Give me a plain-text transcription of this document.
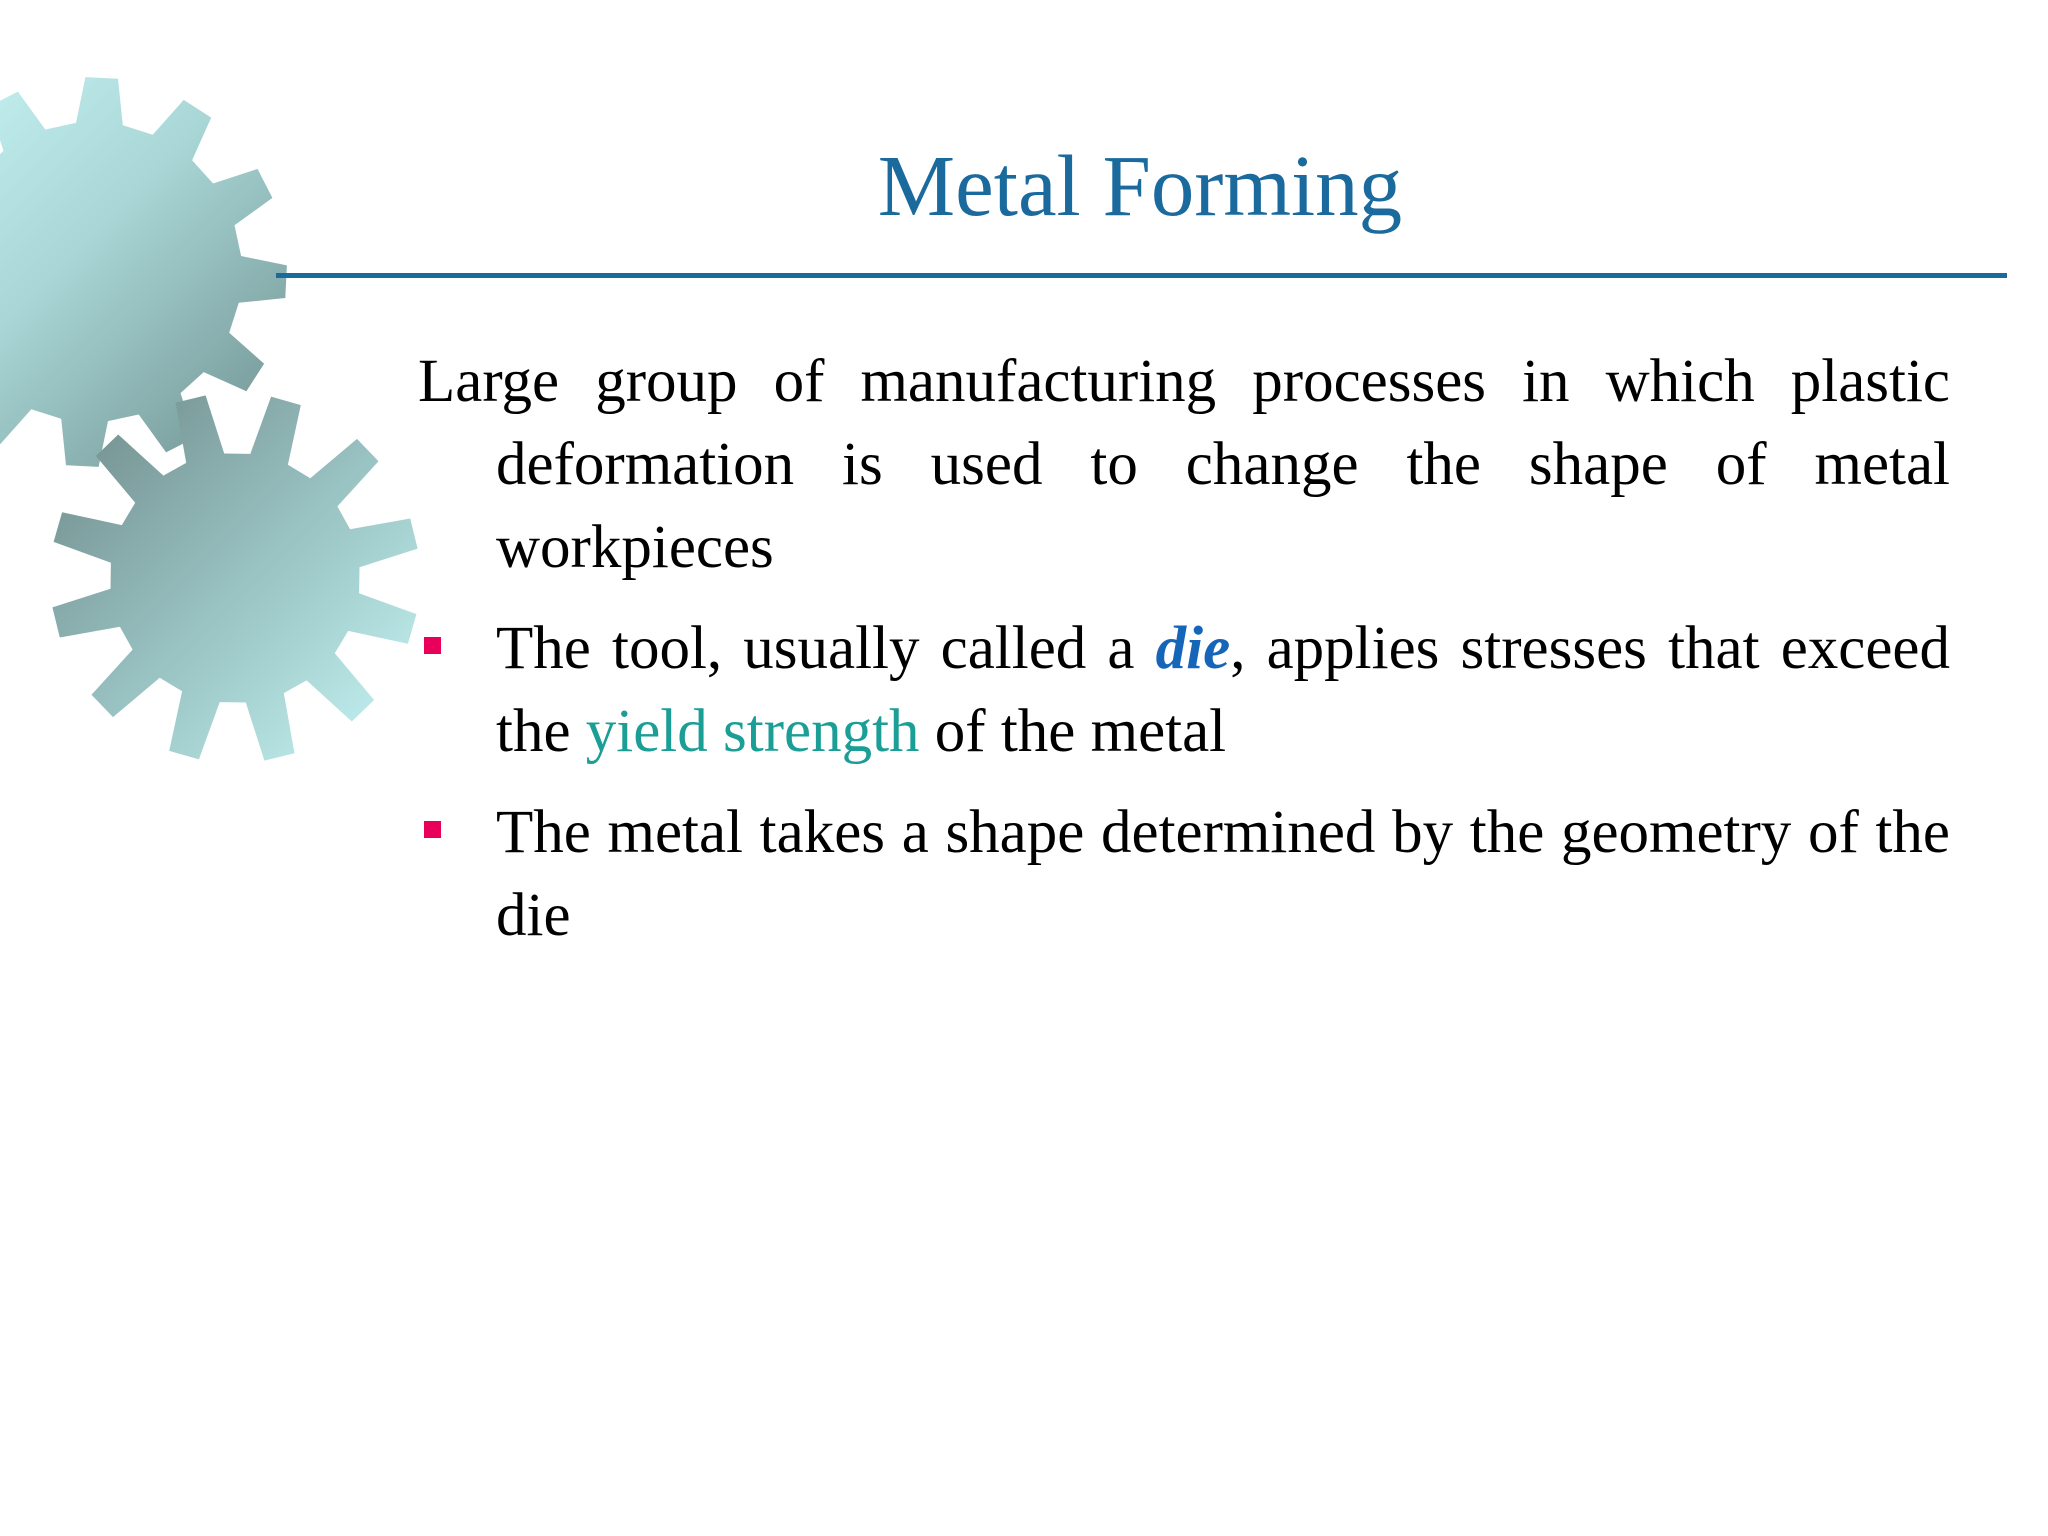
Metal Forming

Large group of manufacturing processes in which plastic deformation is used to change the shape of metal workpieces

The tool, usually called a die, applies stresses that exceed the yield strength of the metal
The metal takes a shape determined by the geometry of the die
